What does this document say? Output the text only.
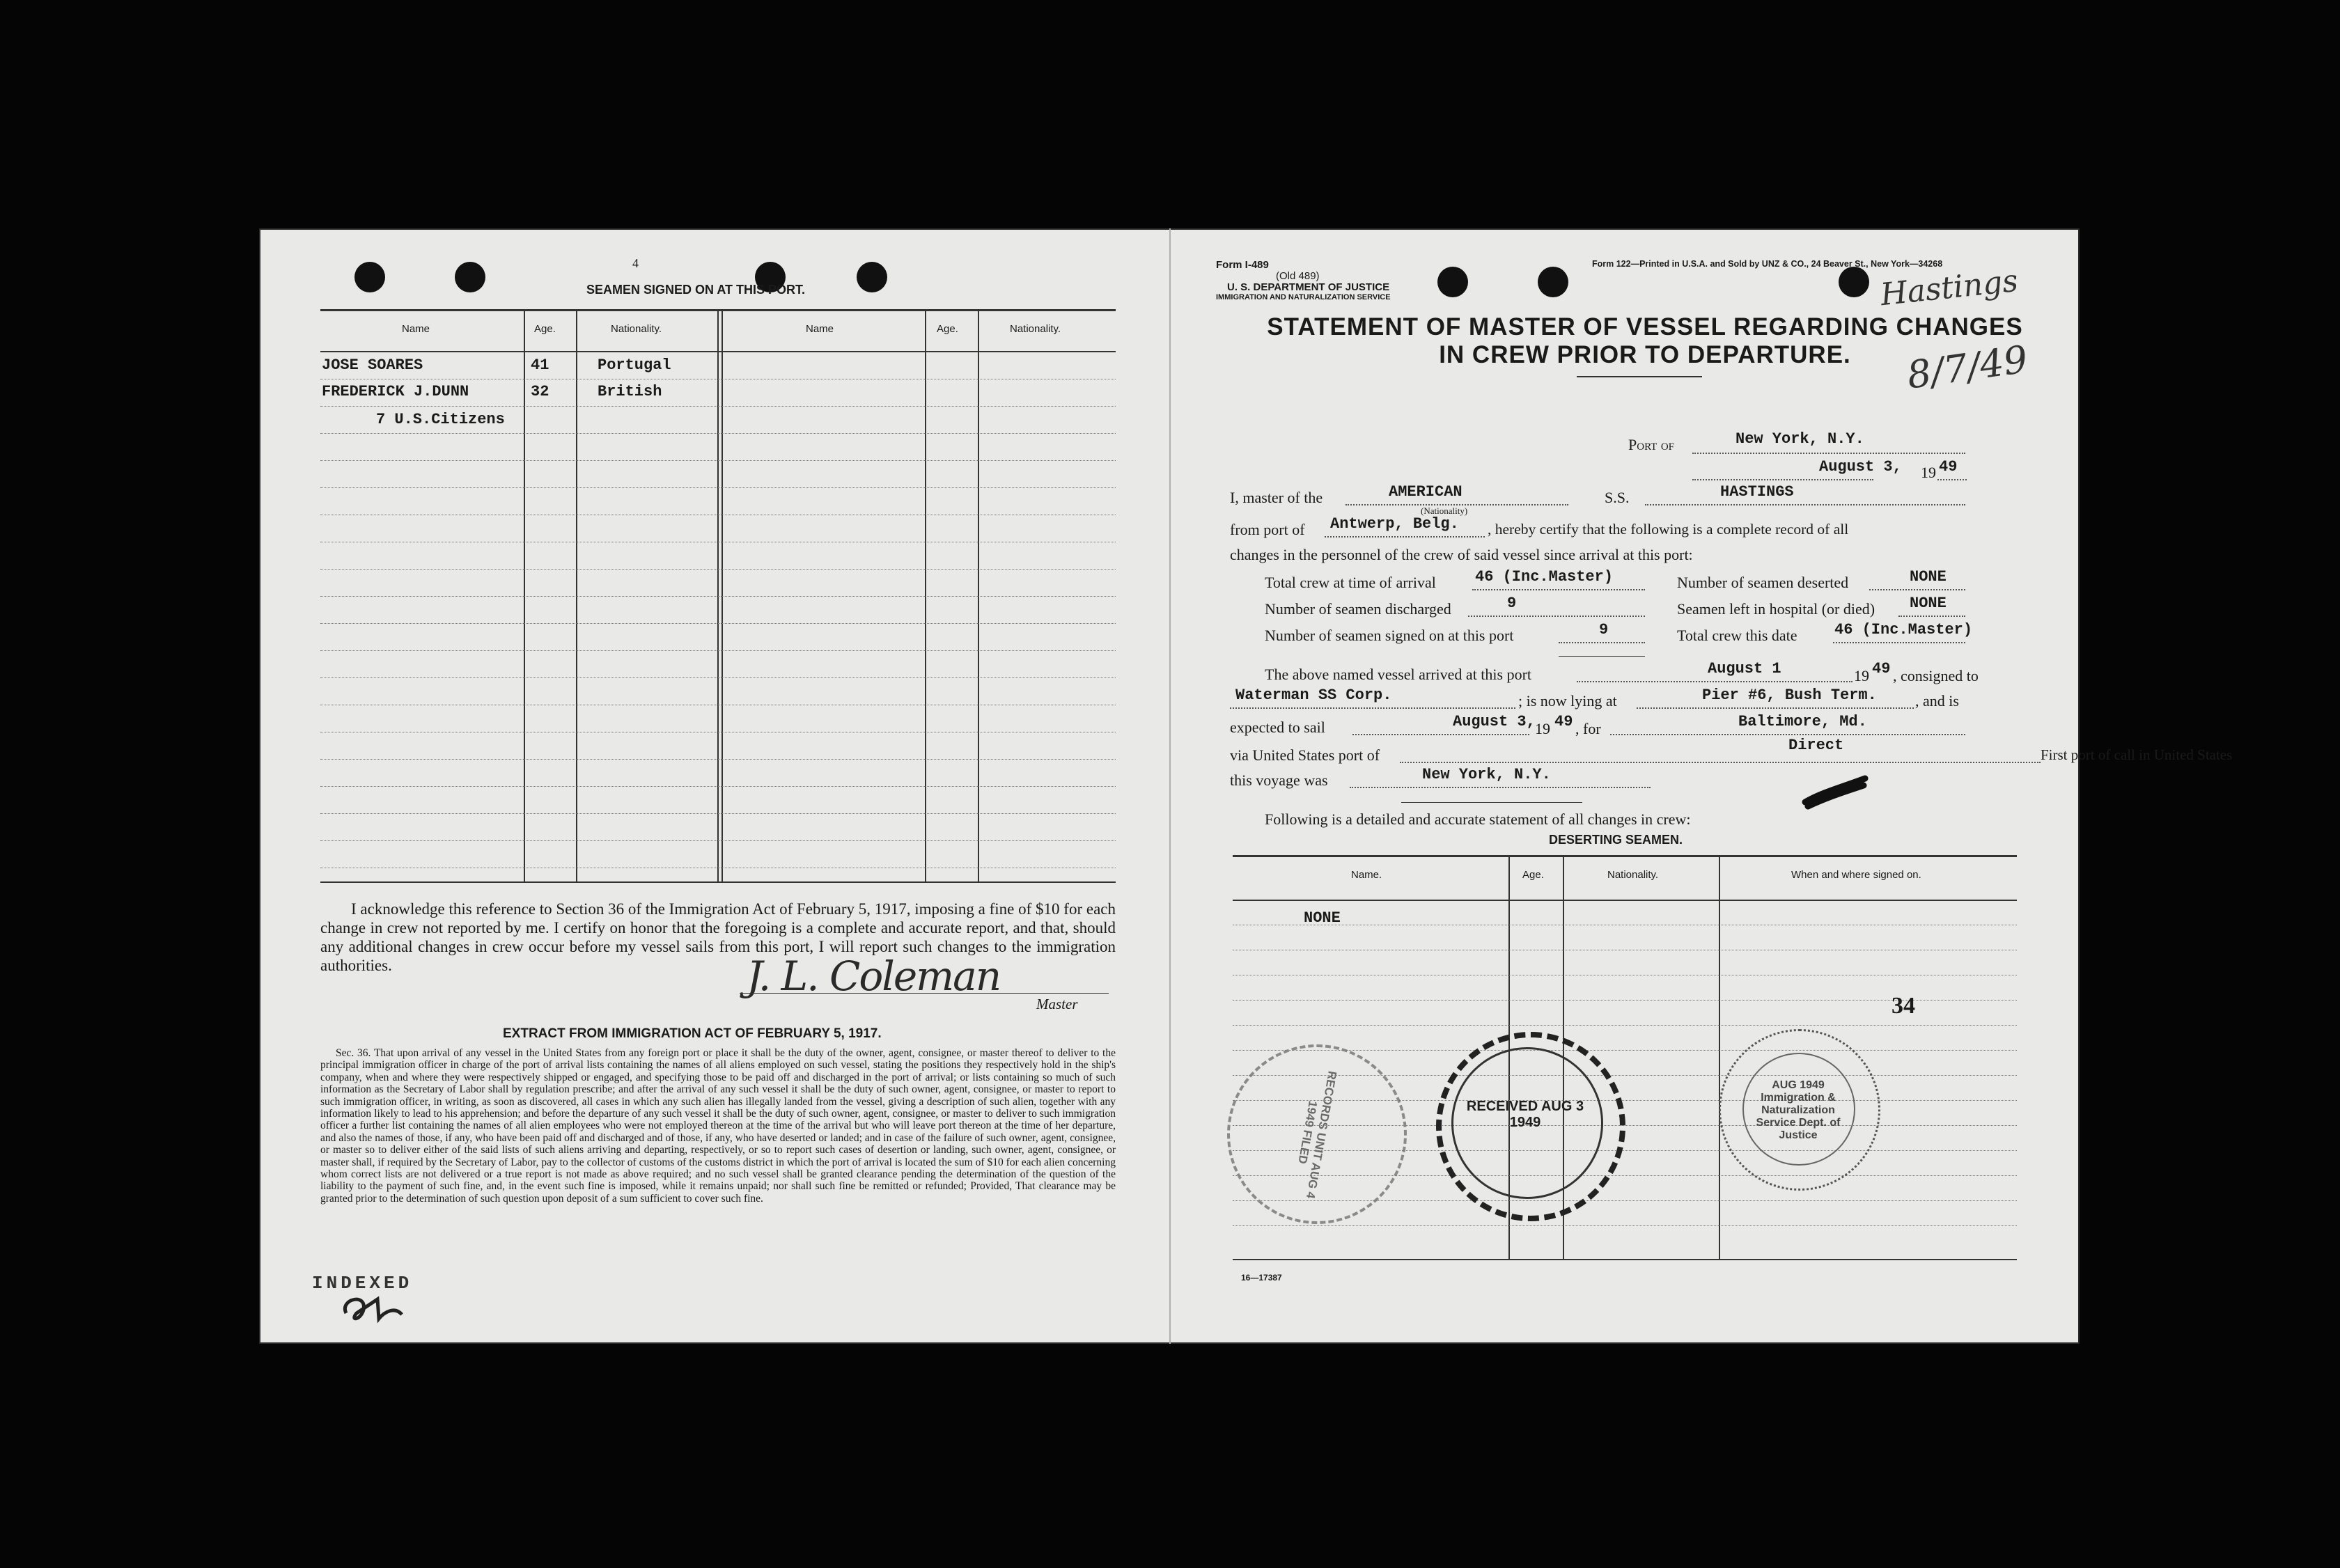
4
SEAMEN SIGNED ON AT THIS PORT.
Name	Age.	Nationality.	Name	Age.	Nationality.
JOSE SOARES	41	Portugal
FREDERICK J.DUNN	32	British
7 U.S.Citizens
I acknowledge this reference to Section 36 of the Immigration Act of February 5, 1917, imposing a fine of $10 for each change in crew not reported by me. I certify on honor that the foregoing is a complete and accurate report, and that, should any additional changes in crew occur before my vessel sails from this port, I will report such changes to the immigration authorities.	J. L. Coleman
Master
EXTRACT FROM IMMIGRATION ACT OF FEBRUARY 5, 1917.
Sec. 36. That upon arrival of any vessel in the United States from any foreign port or place it shall be the duty of the owner, agent, consignee, or master thereof to deliver to the principal immigration officer in charge of the port of arrival lists containing the names of all aliens employed on such vessel, stating the positions they respectively hold in the ship's company, when and where they were respectively shipped or engaged, and specifying those to be paid off and discharged in the port of arrival; or lists containing so much of such information as the Secretary of Labor shall by regulation prescribe; and after the arrival of any such vessel it shall be the duty of such owner, agent, consignee, or master to report to such immigration officer, in writing, as soon as discovered, all cases in which any such alien has illegally landed from the vessel, giving a description of such alien, together with any information likely to lead to his apprehension; and before the departure of any such vessel it shall be the duty of such owner, agent, consignee, or master to deliver to such immigration officer a further list containing the names of all alien employees who were not employed thereon at the time of the arrival but who will leave port thereon at the time of her departure, and also the names of those, if any, who have been paid off and discharged and of those, if any, who have deserted or landed; and in case of the failure of such owner, agent, consignee, or master so to deliver either of the said lists of such aliens arriving and departing, respectively, or so to report such cases of desertion or landing, such owner, agent, consignee, or master shall, if required by the Secretary of Labor, pay to the collector of customs of the customs district in which the port of arrival is located the sum of $10 for each alien concerning whom correct lists are not delivered or a true report is not made as above required; and no such vessel shall be granted clearance pending the determination of the question of the liability to the payment of such fine, and, in the event such fine is imposed, while it remains unpaid; nor shall such fine be remitted or refunded; Provided, That clearance may be granted prior to the determination of such question upon deposit of a sum sufficient to cover such fine.
INDEXED
RECORDS UNIT AUG 4 1949 FILED
Form I-489
(Old 489)
U. S. DEPARTMENT OF JUSTICE
IMMIGRATION AND NATURALIZATION SERVICE
Form 122—Printed in U.S.A. and Sold by UNZ & CO., 24 Beaver St., New York—34268
Hastings
8/7/49
STATEMENT OF MASTER OF VESSEL REGARDING CHANGES
IN CREW PRIOR TO DEPARTURE.
Port of	New York, N.Y.
August 3, 19 49
I, master of the	AMERICAN
(Nationality)
S.S.	HASTINGS
from port of Antwerp, Belg. , hereby certify that the following is a complete record of all
changes in the personnel of the crew of said vessel since arrival at this port:
Total crew at time of arrival	46 (Inc.Master)	Number of seamen deserted	NONE
Number of seamen discharged	9	Seamen left in hospital (or died) NONE
Number of seamen signed on at this port	9	Total crew this date 46 (Inc.Master)
The above named vessel arrived at this port	August 1	19 49 , consigned to
Waterman SS Corp.	; is now lying at	Pier #6, Bush Term.	, and is
expected to sail	August 3, 19 49 , for	Baltimore, Md.
via United States port of
Direct
First port of call in United States
this voyage was	New York, N.Y.
Following is a detailed and accurate statement of all changes in crew:
DESERTING SEAMEN.
Name.	Age.	Nationality.	When and where signed on.
NONE
34
RECEIVED AUG 3 1949
AUG 1949 Immigration & Naturalization Service Dept. of Justice
16—17387
